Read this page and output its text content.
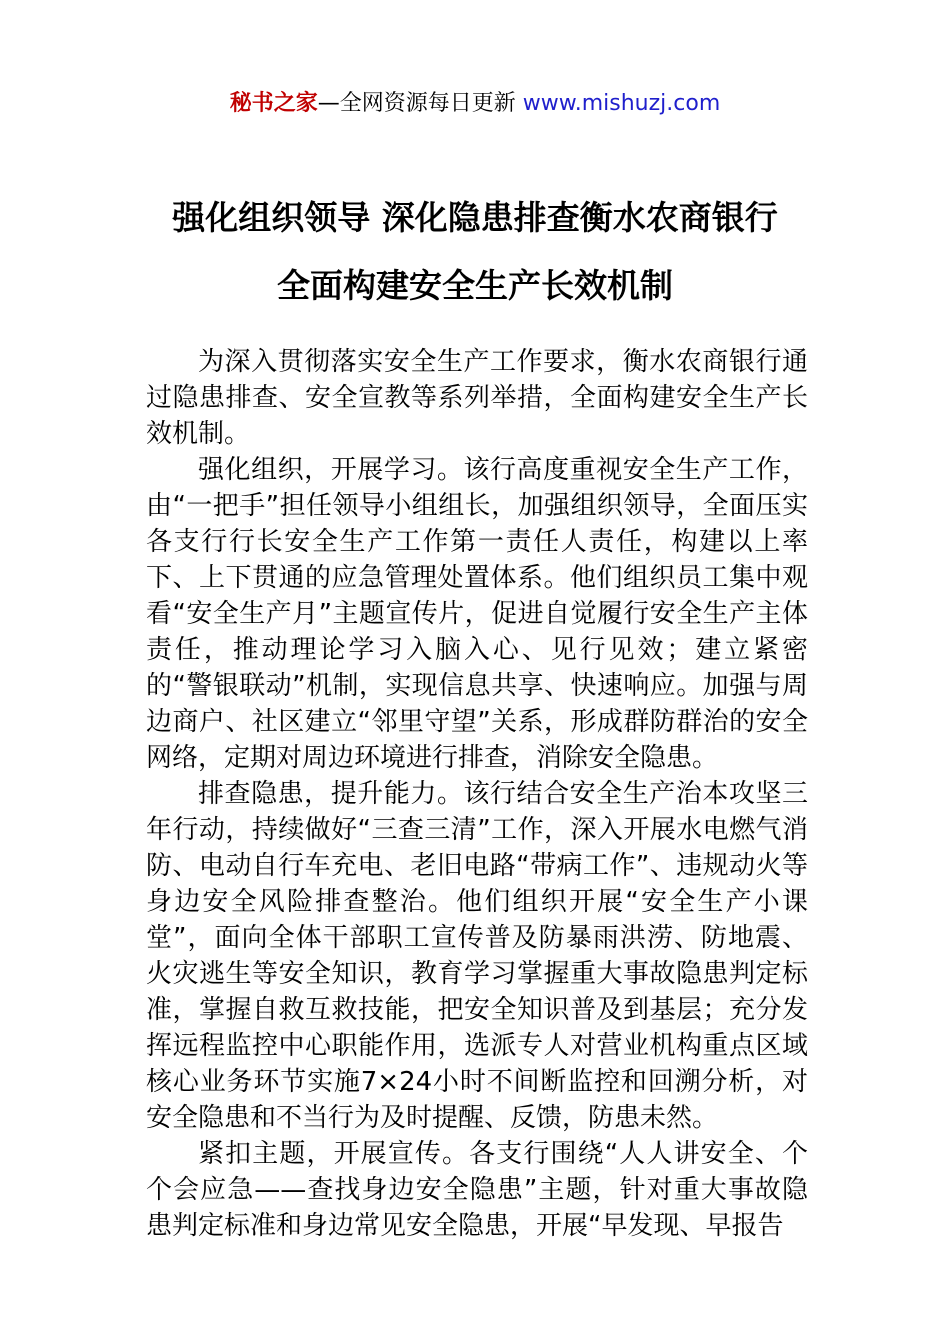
秘书之家—全网资源每日更新 www.mishuzj.com
强化组织领导 深化隐患排查衡水农商银行
全面构建安全生产长效机制

为深入贯彻落实安全生产工作要求，衡水农商银行通过隐患排查、安全宣教等系列举措，全面构建安全生产长效机制。

强化组织，开展学习。该行高度重视安全生产工作，由“一把手”担任领导小组组长，加强组织领导，全面压实各支行行长安全生产工作第一责任人责任，构建以上率下、上下贯通的应急管理处置体系。他们组织员工集中观看“安全生产月”主题宣传片，促进自觉履行安全生产主体责任，推动理论学习入脑入心、见行见效；建立紧密的“警银联动”机制，实现信息共享、快速响应。加强与周边商户、社区建立“邻里守望”关系，形成群防群治的安全网络，定期对周边环境进行排查，消除安全隐患。

排查隐患，提升能力。该行结合安全生产治本攻坚三年行动，持续做好“三查三清”工作，深入开展水电燃气消防、电动自行车充电、老旧电路“带病工作”、违规动火等身边安全风险排查整治。他们组织开展“安全生产小课堂”，面向全体干部职工宣传普及防暴雨洪涝、防地震、火灾逃生等安全知识，教育学习掌握重大事故隐患判定标准，掌握自救互救技能，把安全知识普及到基层；充分发挥远程监控中心职能作用，选派专人对营业机构重点区域核心业务环节实施7×24小时不间断监控和回溯分析，对安全隐患和不当行为及时提醒、反馈，防患未然。

紧扣主题，开展宣传。各支行围绕“人人讲安全、个个会应急——查找身边安全隐患”主题，针对重大事故隐患判定标准和身边常见安全隐患，开展“早发现、早报告
